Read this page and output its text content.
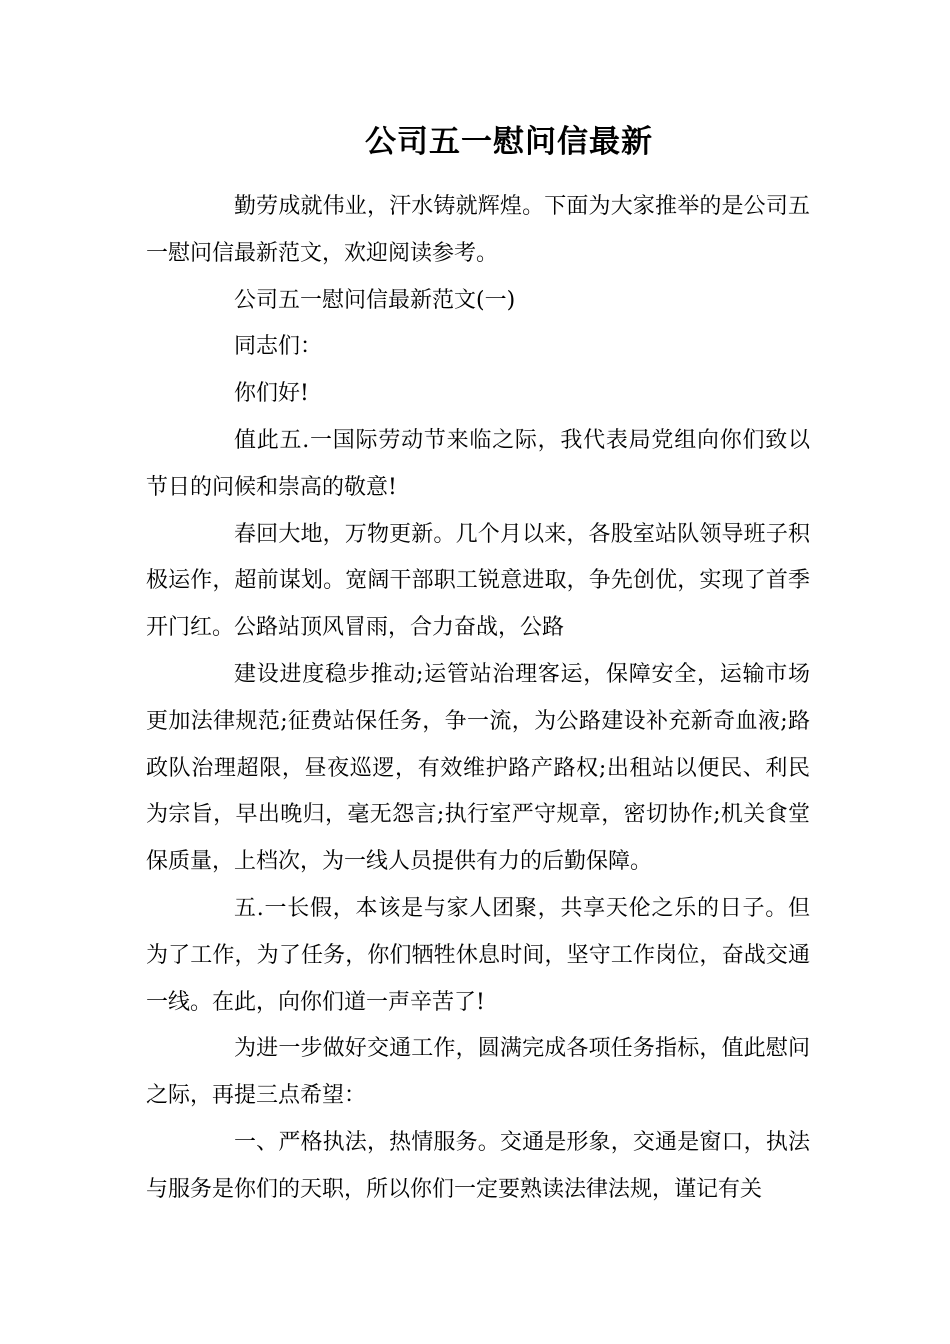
公司五一慰问信最新

勤劳成就伟业，汗水铸就辉煌。下面为大家推举的是公司五一慰问信最新范文，欢迎阅读参考。

公司五一慰问信最新范文(一)

同志们：

你们好!

值此五.一国际劳动节来临之际，我代表局党组向你们致以节日的问候和崇高的敬意!

春回大地，万物更新。几个月以来，各股室站队领导班子积极运作，超前谋划。宽阔干部职工锐意进取，争先创优，实现了首季开门红。公路站顶风冒雨，合力奋战，公路

建设进度稳步推动;运管站治理客运，保障安全，运输市场更加法律规范;征费站保任务，争一流，为公路建设补充新奇血液;路政队治理超限，昼夜巡逻，有效维护路产路权;出租站以便民、利民为宗旨，早出晚归，毫无怨言;执行室严守规章，密切协作;机关食堂保质量，上档次，为一线人员提供有力的后勤保障。

五.一长假，本该是与家人团聚，共享天伦之乐的日子。但为了工作，为了任务，你们牺牲休息时间，坚守工作岗位，奋战交通一线。在此，向你们道一声辛苦了!

为进一步做好交通工作，圆满完成各项任务指标，值此慰问之际，再提三点希望：

一、严格执法，热情服务。交通是形象，交通是窗口，执法与服务是你们的天职，所以你们一定要熟读法律法规，谨记有关
